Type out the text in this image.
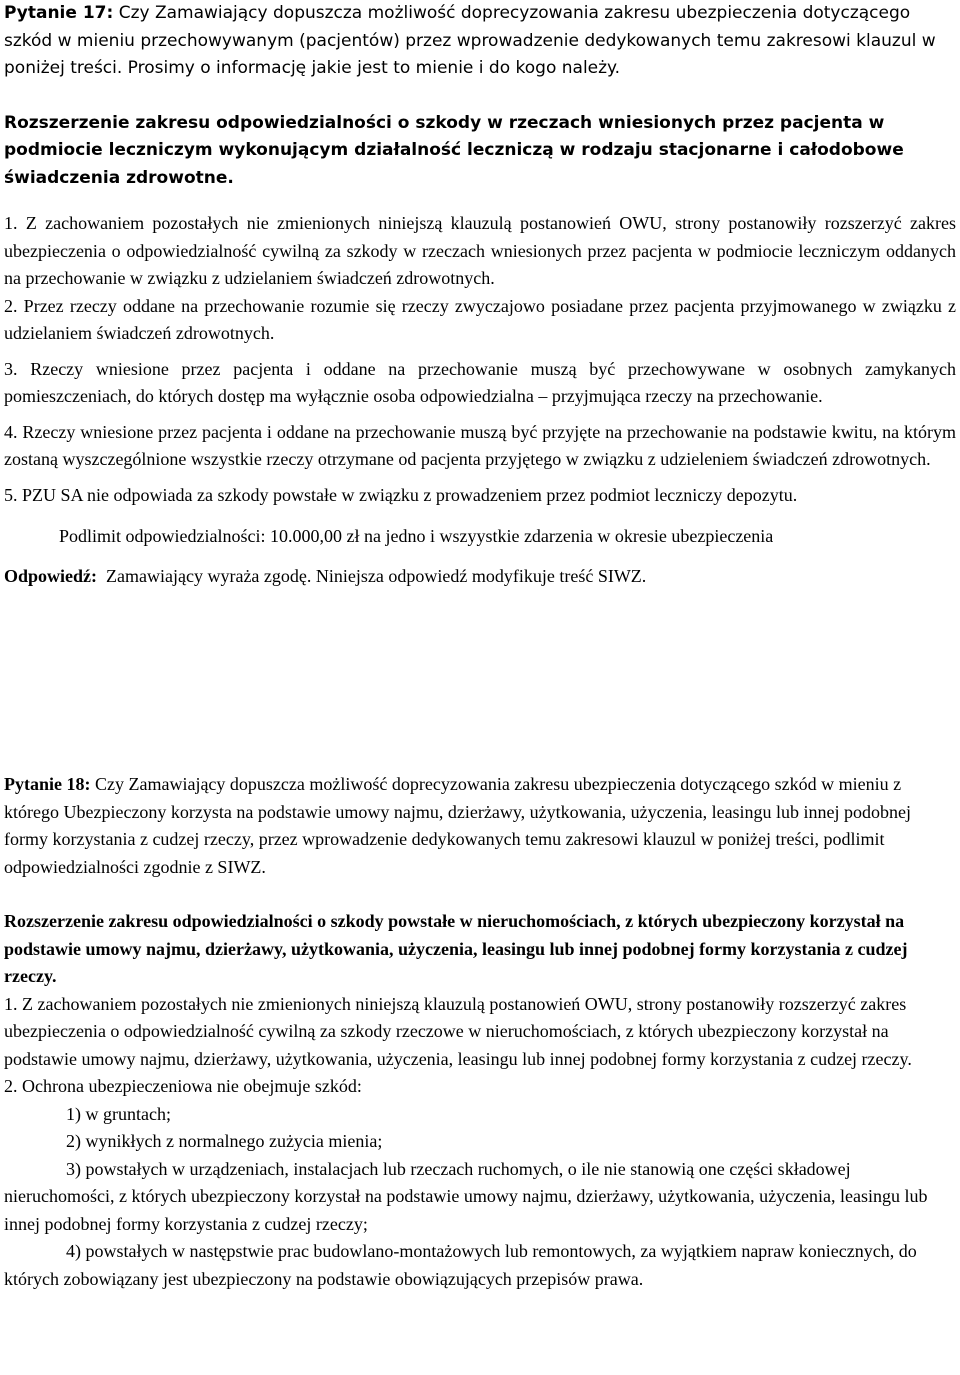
Pytanie 17: Czy Zamawiający dopuszcza możliwość doprecyzowania zakresu ubezpieczenia dotyczącego szkód w mieniu przechowywanym (pacjentów) przez wprowadzenie dedykowanych temu zakresowi klauzul w poniżej treści. Prosimy o informację jakie jest to mienie i do kogo należy.

Rozszerzenie zakresu odpowiedzialności o szkody w rzeczach wniesionych przez pacjenta w podmiocie leczniczym wykonującym działalność leczniczą w rodzaju stacjonarne i całodobowe świadczenia zdrowotne.

1. Z zachowaniem pozostałych nie zmienionych niniejszą klauzulą postanowień OWU, strony postanowiły rozszerzyć zakres ubezpieczenia o odpowiedzialność cywilną za szkody w rzeczach wniesionych przez pacjenta w podmiocie leczniczym oddanych na przechowanie w związku z udzielaniem świadczeń zdrowotnych.

2. Przez rzeczy oddane na przechowanie rozumie się rzeczy zwyczajowo posiadane przez pacjenta przyjmowanego w związku z udzielaniem świadczeń zdrowotnych.

3. Rzeczy wniesione przez pacjenta i oddane na przechowanie muszą być przechowywane w osobnych zamykanych pomieszczeniach, do których dostęp ma wyłącznie osoba odpowiedzialna – przyjmująca rzeczy na przechowanie.

4. Rzeczy wniesione przez pacjenta i oddane na przechowanie muszą być przyjęte na przechowanie na podstawie kwitu, na którym zostaną wyszczególnione wszystkie rzeczy otrzymane od pacjenta przyjętego w związku z udzieleniem świadczeń zdrowotnych.

5. PZU SA nie odpowiada za szkody powstałe w związku z prowadzeniem przez podmiot leczniczy depozytu.

Podlimit odpowiedzialności: 10.000,00 zł na jedno i wszyystkie zdarzenia w okresie ubezpieczenia

Odpowiedź: Zamawiający wyraża zgodę. Niniejsza odpowiedź modyfikuje treść SIWZ.

Pytanie 18: Czy Zamawiający dopuszcza możliwość doprecyzowania zakresu ubezpieczenia dotyczącego szkód w mieniu z którego Ubezpieczony korzysta na podstawie umowy najmu, dzierżawy, użytkowania, użyczenia, leasingu lub innej podobnej formy korzystania z cudzej rzeczy, przez wprowadzenie dedykowanych temu zakresowi klauzul w poniżej treści, podlimit odpowiedzialności zgodnie z SIWZ.

Rozszerzenie zakresu odpowiedzialności o szkody powstałe w nieruchomościach, z których ubezpieczony korzystał na podstawie umowy najmu, dzierżawy, użytkowania, użyczenia, leasingu lub innej podobnej formy korzystania z cudzej rzeczy.

1. Z zachowaniem pozostałych nie zmienionych niniejszą klauzulą postanowień OWU, strony postanowiły rozszerzyć zakres ubezpieczenia o odpowiedzialność cywilną za szkody rzeczowe w nieruchomościach, z których ubezpieczony korzystał na podstawie umowy najmu, dzierżawy, użytkowania, użyczenia, leasingu lub innej podobnej formy korzystania z cudzej rzeczy.

2. Ochrona ubezpieczeniowa nie obejmuje szkód:

1) w gruntach;

2) wynikłych z normalnego zużycia mienia;

3) powstałych w urządzeniach, instalacjach lub rzeczach ruchomych, o ile nie stanowią one części składowej nieruchomości, z których ubezpieczony korzystał na podstawie umowy najmu, dzierżawy, użytkowania, użyczenia, leasingu lub innej podobnej formy korzystania z cudzej rzeczy;

4) powstałych w następstwie prac budowlano-montażowych lub remontowych, za wyjątkiem napraw koniecznych, do których zobowiązany jest ubezpieczony na podstawie obowiązujących przepisów prawa.
